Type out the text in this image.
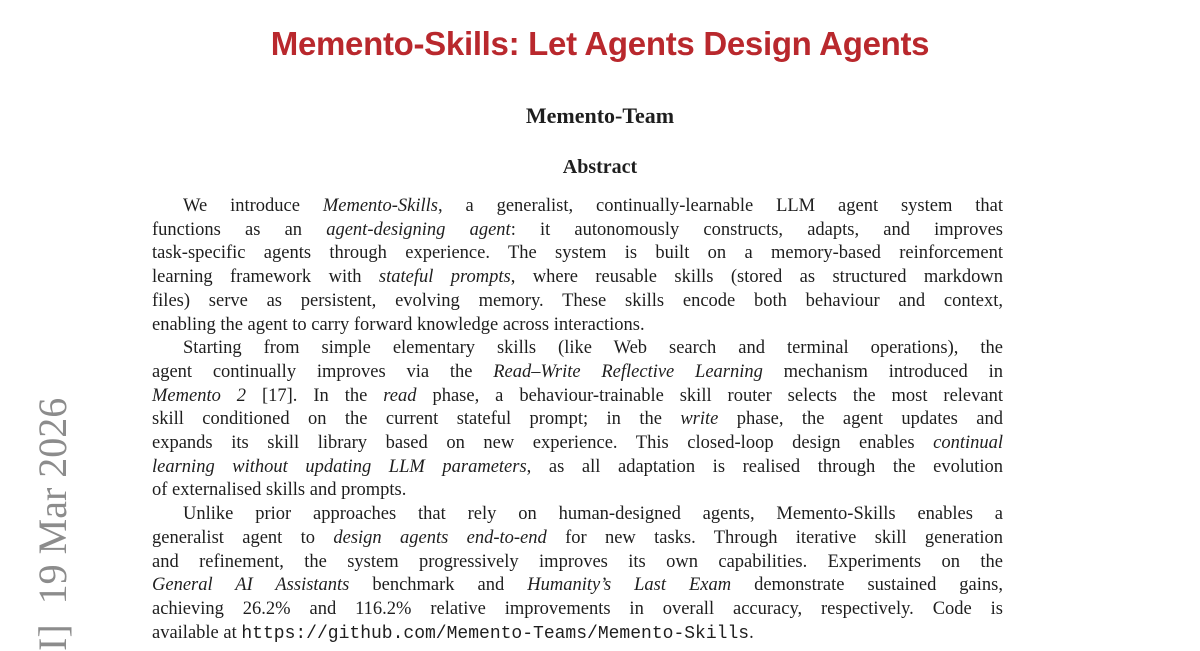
I]  19 Mar 2026
Memento-Skills: Let Agents Design Agents
Memento-Team
Abstract
We introduce Memento-Skills, a generalist, continually-learnable LLM agent system that
functions as an agent-designing agent: it autonomously constructs, adapts, and improves
task-specific agents through experience. The system is built on a memory-based reinforcement
learning framework with stateful prompts, where reusable skills (stored as structured markdown
files) serve as persistent, evolving memory. These skills encode both behaviour and context,
enabling the agent to carry forward knowledge across interactions.
Starting from simple elementary skills (like Web search and terminal operations), the
agent continually improves via the Read–Write Reflective Learning mechanism introduced in
Memento 2 [17]. In the read phase, a behaviour-trainable skill router selects the most relevant
skill conditioned on the current stateful prompt; in the write phase, the agent updates and
expands its skill library based on new experience. This closed-loop design enables continual
learning without updating LLM parameters, as all adaptation is realised through the evolution
of externalised skills and prompts.
Unlike prior approaches that rely on human-designed agents, Memento-Skills enables a
generalist agent to design agents end-to-end for new tasks. Through iterative skill generation
and refinement, the system progressively improves its own capabilities. Experiments on the
General AI Assistants benchmark and Humanity’s Last Exam demonstrate sustained gains,
achieving 26.2% and 116.2% relative improvements in overall accuracy, respectively. Code is
available at https://github.com/Memento-Teams/Memento-Skills.
